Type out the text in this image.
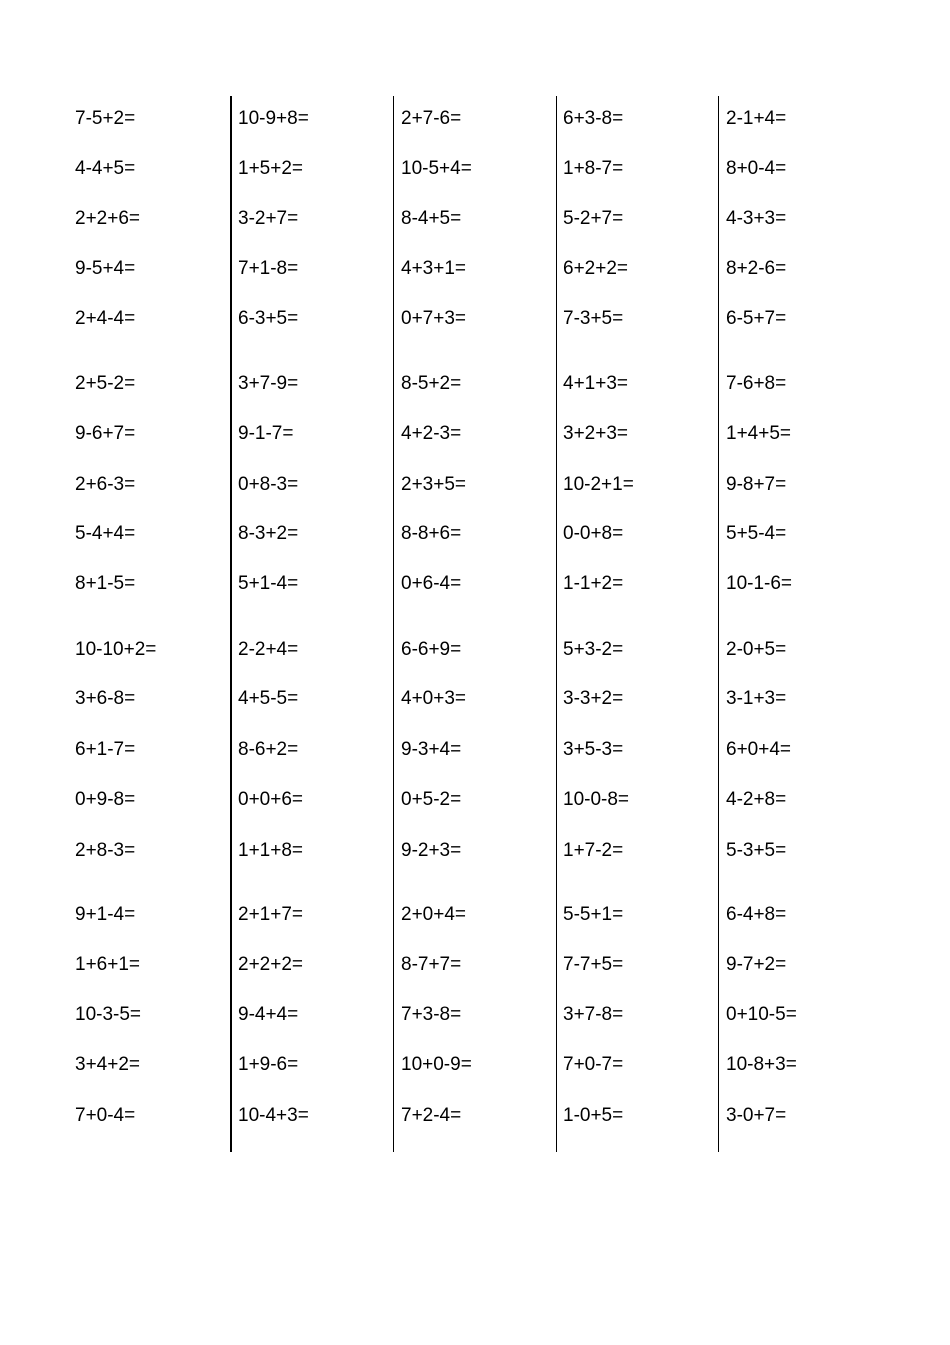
7-5+2=
4-4+5=
2+2+6=
9-5+4=
2+4-4=
2+5-2=
9-6+7=
2+6-3=
5-4+4=
8+1-5=
10-10+2=
3+6-8=
6+1-7=
0+9-8=
2+8-3=
9+1-4=
1+6+1=
10-3-5=
3+4+2=
7+0-4=
10-9+8=
1+5+2=
3-2+7=
7+1-8=
6-3+5=
3+7-9=
9-1-7=
0+8-3=
8-3+2=
5+1-4=
2-2+4=
4+5-5=
8-6+2=
0+0+6=
1+1+8=
2+1+7=
2+2+2=
9-4+4=
1+9-6=
10-4+3=
2+7-6=
10-5+4=
8-4+5=
4+3+1=
0+7+3=
8-5+2=
4+2-3=
2+3+5=
8-8+6=
0+6-4=
6-6+9=
4+0+3=
9-3+4=
0+5-2=
9-2+3=
2+0+4=
8-7+7=
7+3-8=
10+0-9=
7+2-4=
6+3-8=
1+8-7=
5-2+7=
6+2+2=
7-3+5=
4+1+3=
3+2+3=
10-2+1=
0-0+8=
1-1+2=
5+3-2=
3-3+2=
3+5-3=
10-0-8=
1+7-2=
5-5+1=
7-7+5=
3+7-8=
7+0-7=
1-0+5=
2-1+4=
8+0-4=
4-3+3=
8+2-6=
6-5+7=
7-6+8=
1+4+5=
9-8+7=
5+5-4=
10-1-6=
2-0+5=
3-1+3=
6+0+4=
4-2+8=
5-3+5=
6-4+8=
9-7+2=
0+10-5=
10-8+3=
3-0+7=
